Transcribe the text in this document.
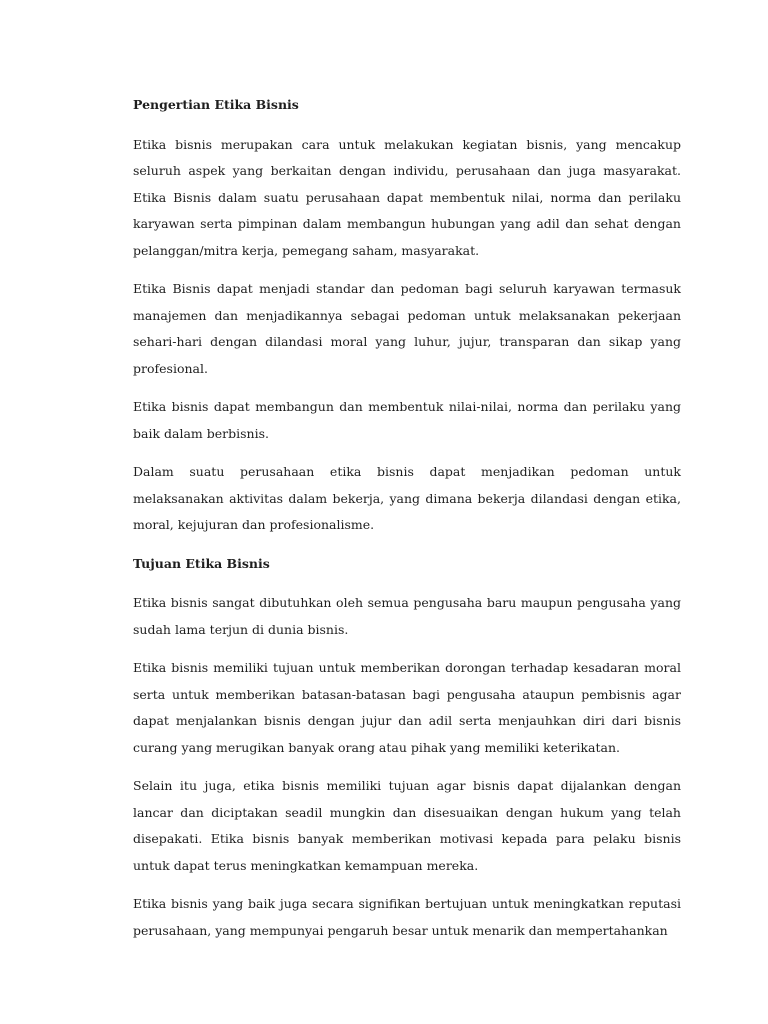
Pengertian Etika Bisnis

Etika bisnis merupakan cara untuk melakukan kegiatan bisnis, yang mencakup seluruh aspek yang berkaitan dengan individu, perusahaan dan juga masyarakat. Etika Bisnis dalam suatu perusahaan dapat membentuk nilai, norma dan perilaku karyawan serta pimpinan dalam membangun hubungan yang adil dan sehat dengan pelanggan/mitra kerja, pemegang saham, masyarakat.

Etika Bisnis dapat menjadi standar dan pedoman bagi seluruh karyawan termasuk manajemen dan menjadikannya sebagai pedoman untuk melaksanakan pekerjaan sehari-hari dengan dilandasi moral yang luhur, jujur, transparan dan sikap yang profesional.

Etika bisnis dapat membangun dan membentuk nilai-nilai, norma dan perilaku yang baik dalam berbisnis.

Dalam suatu perusahaan etika bisnis dapat menjadikan pedoman untuk melaksanakan aktivitas dalam bekerja, yang dimana bekerja dilandasi dengan etika, moral, kejujuran dan profesionalisme.

Tujuan Etika Bisnis

Etika bisnis sangat dibutuhkan oleh semua pengusaha baru maupun pengusaha yang sudah lama terjun di dunia bisnis.

Etika bisnis memiliki tujuan untuk memberikan dorongan terhadap kesadaran moral serta untuk memberikan batasan-batasan bagi pengusaha ataupun pembisnis agar dapat menjalankan bisnis dengan jujur dan adil serta menjauhkan diri dari bisnis curang yang merugikan banyak orang atau pihak yang memiliki keterikatan.

Selain itu juga, etika bisnis memiliki tujuan agar bisnis dapat dijalankan dengan lancar dan diciptakan seadil mungkin dan disesuaikan dengan hukum yang telah disepakati. Etika bisnis banyak memberikan motivasi kepada para pelaku bisnis untuk dapat terus meningkatkan kemampuan mereka.

Etika bisnis yang baik juga secara signifikan bertujuan untuk meningkatkan reputasi perusahaan, yang mempunyai pengaruh besar untuk menarik dan mempertahankan
